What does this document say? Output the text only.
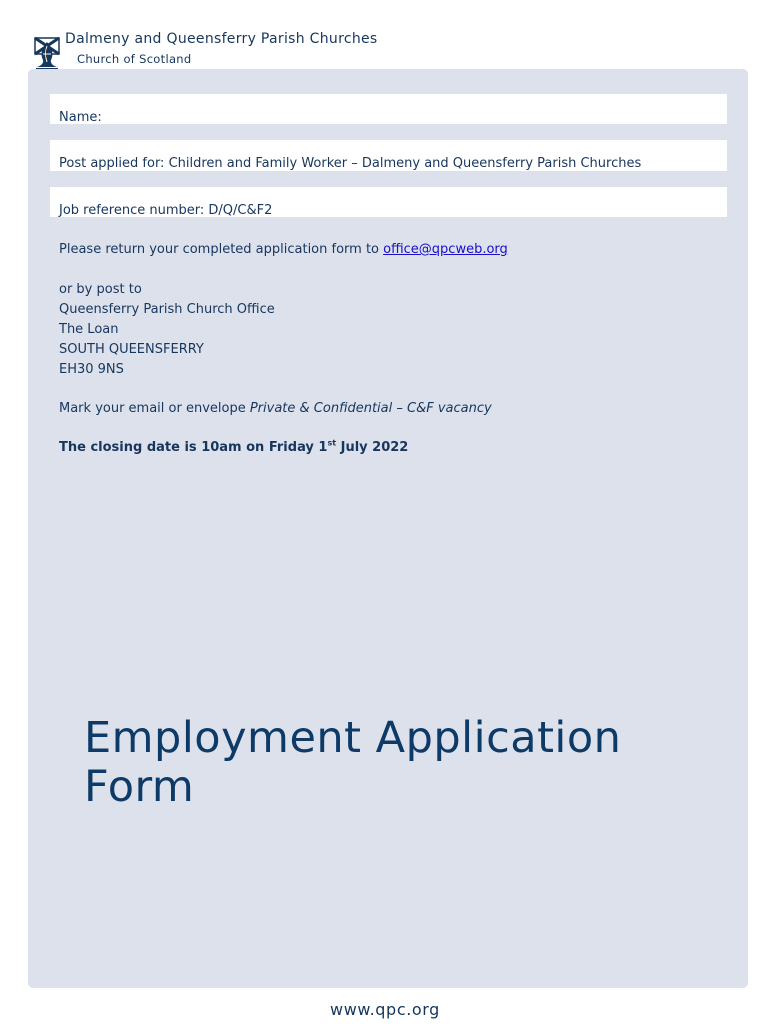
Dalmeny and Queensferry Parish Churches
Church of Scotland
Name:
Post applied for: Children and Family Worker – Dalmeny and Queensferry Parish Churches
Job reference number: D/Q/C&F2
Please return your completed application form to office@qpcweb.org
or by post to
Queensferry Parish Church Office
The Loan
SOUTH QUEENSFERRY
EH30 9NS
Mark your email or envelope Private & Confidential – C&F vacancy
The closing date is 10am on Friday 1st July 2022
Employment Application
Form
www.qpc.org
